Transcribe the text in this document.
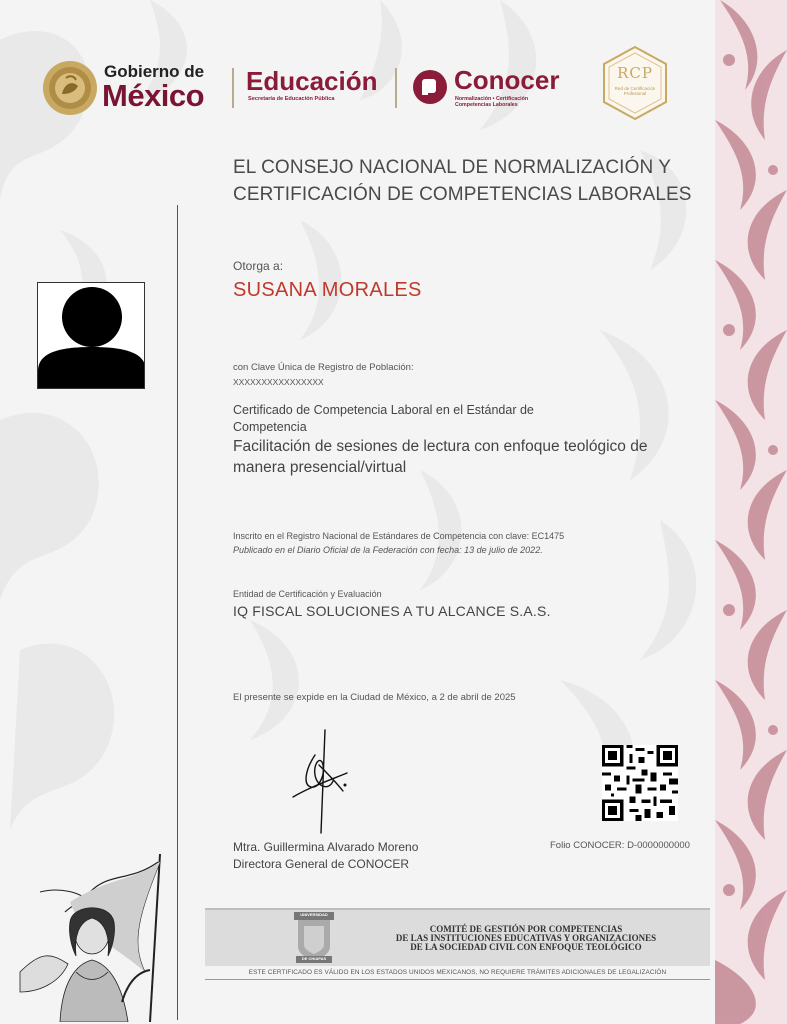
Gobierno de
México Educación
Secretaría de Educación Pública
Conocer
Normalización • Certificación
Competencias Laborales
RCP
Red de Certificación Profesional
EL CONSEJO NACIONAL DE NORMALIZACIÓN Y CERTIFICACIÓN DE COMPETENCIAS LABORALES
Otorga a:
SUSANA MORALES
con Clave Única de Registro de Población:
XXXXXXXXXXXXXXXX
Certificado de Competencia Laboral en el Estándar de Competencia
Facilitación de sesiones de lectura con enfoque teológico de manera presencial/virtual
Inscrito en el Registro Nacional de Estándares de Competencia con clave: EC1475
Publicado en el Diario Oficial de la Federación con fecha: 13 de julio de 2022.
Entidad de Certificación y Evaluación
IQ FISCAL SOLUCIONES A TU ALCANCE S.A.S.
El presente se expide en la Ciudad de México, a 2 de abril de 2025
Mtra. Guillermina Alvarado Moreno
Directora General de CONOCER
Folio CONOCER: D-0000000000
UNIVERSIDAD
DE CHIAPAS
COMITÉ DE GESTIÓN POR COMPETENCIAS
DE LAS INSTITUCIONES EDUCATIVAS Y ORGANIZACIONES
DE LA SOCIEDAD CIVIL CON ENFOQUE TEOLÓGICO
ESTE CERTIFICADO ES VÁLIDO EN LOS ESTADOS UNIDOS MEXICANOS, NO REQUIERE TRÁMITES ADICIONALES DE LEGALIZACIÓN
